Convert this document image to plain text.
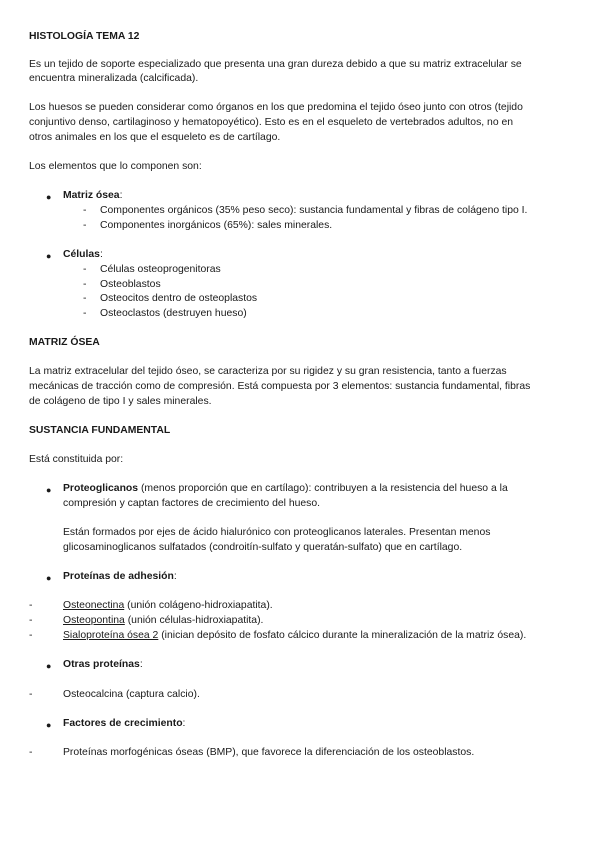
HISTOLOGÍA TEMA 12
Es un tejido de soporte especializado que presenta una gran dureza debido a que su matriz extracelular se
encuentra mineralizada (calcificada).
Los huesos se pueden considerar como órganos en los que predomina el tejido óseo junto con otros (tejido
conjuntivo denso, cartilaginoso y hematopoyético). Esto es en el esqueleto de vertebrados adultos, no en
otros animales en los que el esqueleto es de cartílago.
Los elementos que lo componen son:
● Matriz ósea:
- Componentes orgánicos (35% peso seco): sustancia fundamental y fibras de colágeno tipo I.
- Componentes inorgánicos (65%): sales minerales.
● Células:
- Células osteoprogenitoras
- Osteoblastos
- Osteocitos dentro de osteoplastos
- Osteoclastos (destruyen hueso)
MATRIZ ÓSEA
La matriz extracelular del tejido óseo, se caracteriza por su rigidez y su gran resistencia, tanto a fuerzas
mecánicas de tracción como de compresión. Está compuesta por 3 elementos: sustancia fundamental, fibras
de colágeno de tipo I y sales minerales.
SUSTANCIA FUNDAMENTAL
Está constituida por:
● Proteoglicanos (menos proporción que en cartílago): contribuyen a la resistencia del hueso a la
compresión y captan factores de crecimiento del hueso.
Están formados por ejes de ácido hialurónico con proteoglicanos laterales. Presentan menos
glicosaminoglicanos sulfatados (condroitín-sulfato y queratán-sulfato) que en cartílago.
● Proteínas de adhesión:
-	Osteonectina (unión colágeno-hidroxiapatita).
-	Osteopontina (unión células-hidroxiapatita).
-	Sialoproteína ósea 2 (inician depósito de fosfato cálcico durante la mineralización de la matriz ósea).
● Otras proteínas:
-	Osteocalcina (captura calcio).
● Factores de crecimiento:
-	Proteínas morfogénicas óseas (BMP), que favorece la diferenciación de los osteoblastos.
